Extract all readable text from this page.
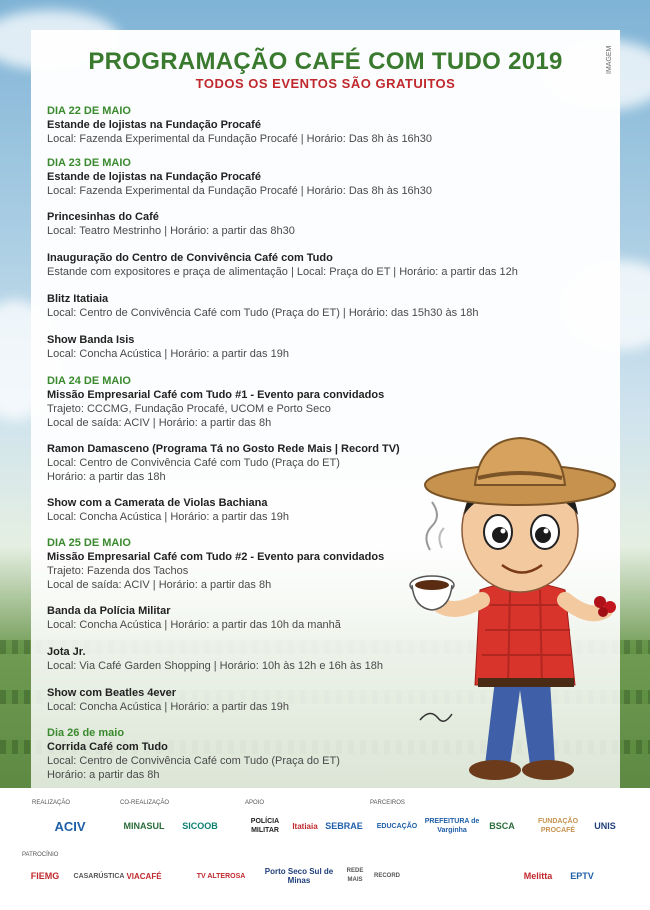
PROGRAMAÇÃO CAFÉ COM TUDO 2019
TODOS OS EVENTOS SÃO GRATUITOS
IMAGEM
DIA 22 DE MAIO
Estande de lojistas na Fundação Procafé
Local: Fazenda Experimental da Fundação Procafé | Horário: Das 8h às 16h30
DIA 23 DE MAIO
Estande de lojistas na Fundação Procafé
Local: Fazenda Experimental da Fundação Procafé | Horário: Das 8h às 16h30
Princesinhas do Café
Local: Teatro Mestrinho | Horário: a partir das 8h30
Inauguração do Centro de Convivência Café com Tudo
Estande com expositores e praça de alimentação | Local: Praça do ET | Horário: a partir das 12h
Blitz Itatiaia
Local: Centro de Convivência Café com Tudo (Praça do ET) | Horário: das 15h30 às 18h
Show Banda Isis
Local: Concha Acústica | Horário: a partir das 19h
DIA 24 DE MAIO
Missão Empresarial Café com Tudo #1 - Evento para convidados
Trajeto: CCCMG, Fundação Procafé, UCOM e Porto Seco
Local de saída: ACIV | Horário: a partir das 8h
Ramon Damasceno (Programa Tá no Gosto Rede Mais | Record TV)
Local: Centro de Convivência Café com Tudo (Praça do ET)
Horário: a partir das 18h
Show com a Camerata de Violas Bachiana
Local: Concha Acústica | Horário: a partir das 19h
DIA 25 DE MAIO
Missão Empresarial Café com Tudo #2 - Evento para convidados
Trajeto: Fazenda dos Tachos
Local de saída: ACIV | Horário: a partir das 8h
Banda da Polícia Militar
Local: Concha Acústica | Horário: a partir das 10h da manhã
Jota Jr.
Local: Via Café Garden Shopping | Horário: 10h às 12h e 16h às 18h
Show com Beatles 4ever
Local: Concha Acústica | Horário: a partir das 19h
Dia 26 de maio
Corrida Café com Tudo
Local: Centro de Convivência Café com Tudo (Praça do ET)
Horário: a partir das 8h
REALIZAÇÃO	CO-REALIZAÇÃO	APOIO	PARCEIROS
PATROCÍNIO
ACIV	MINASUL	SICOOB	POLÍCIA MILITAR	Itatiaia SEBRAE	EDUCAÇÃO
PREFEITURA de Varginha	BSCA	FUNDAÇÃO PROCAFÉ	UNIS
FIEMG	CASARÚSTICA VIACAFÉ	TV ALTEROSA	Porto Seco Sul de Minas
REDE MAIS
RECORD	Melitta	EPTV
